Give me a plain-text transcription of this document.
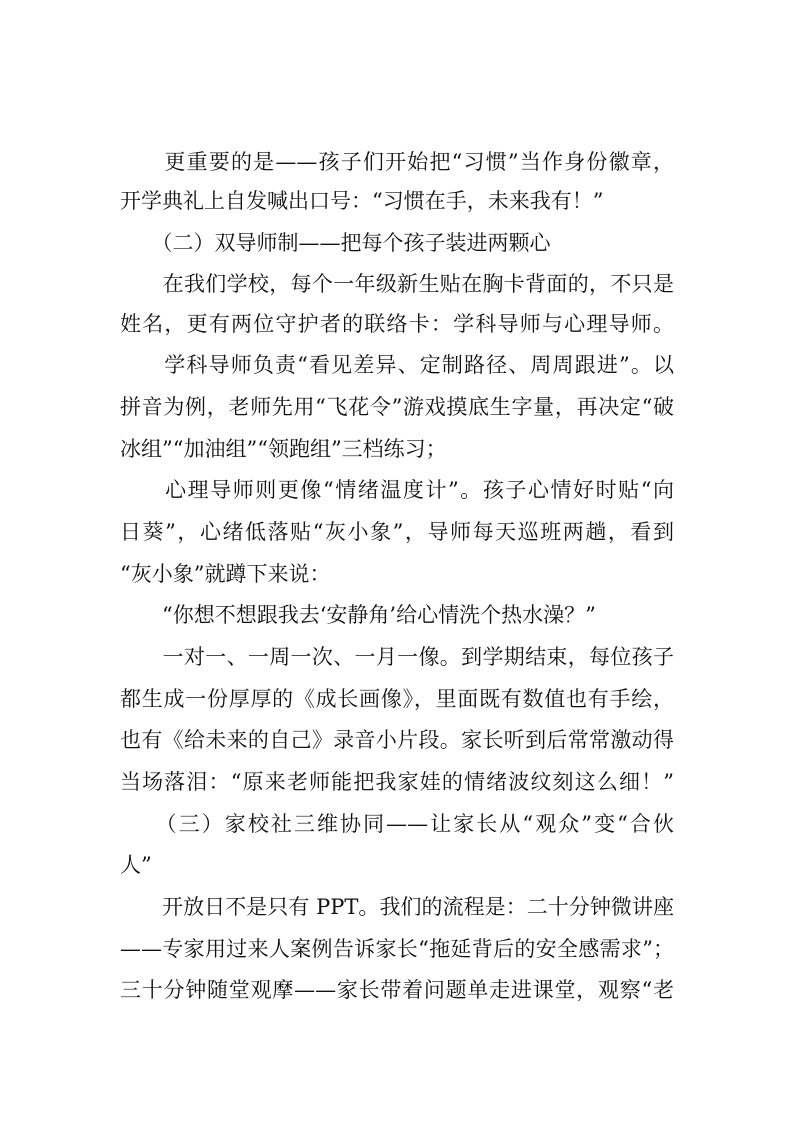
　　更重要的是——孩子们开始把“习惯”当作身份徽章，
开学典礼上自发喊出口号：“习惯在手，未来我有！”
　　（二）双导师制——把每个孩子装进两颗心
　　在我们学校，每个一年级新生贴在胸卡背面的，不只是
姓名，更有两位守护者的联络卡：学科导师与心理导师。
　　学科导师负责“看见差异、定制路径、周周跟进”。以
拼音为例，老师先用“飞花令”游戏摸底生字量，再决定“破
冰组”“加油组”“领跑组”三档练习；
　　心理导师则更像“情绪温度计”。孩子心情好时贴“向
日葵”，心绪低落贴“灰小象”，导师每天巡班两趟，看到
“灰小象”就蹲下来说：
　　“你想不想跟我去‘安静角’给心情洗个热水澡？”
　　一对一、一周一次、一月一像。到学期结束，每位孩子
都生成一份厚厚的《成长画像》，里面既有数值也有手绘，
也有《给未来的自己》录音小片段。家长听到后常常激动得
当场落泪：“原来老师能把我家娃的情绪波纹刻这么细！”
　　（三）家校社三维协同——让家长从“观众”变“合伙
人”
　　开放日不是只有 PPT。我们的流程是：二十分钟微讲座
——专家用过来人案例告诉家长“拖延背后的安全感需求”；
三十分钟随堂观摩——家长带着问题单走进课堂，观察“老
